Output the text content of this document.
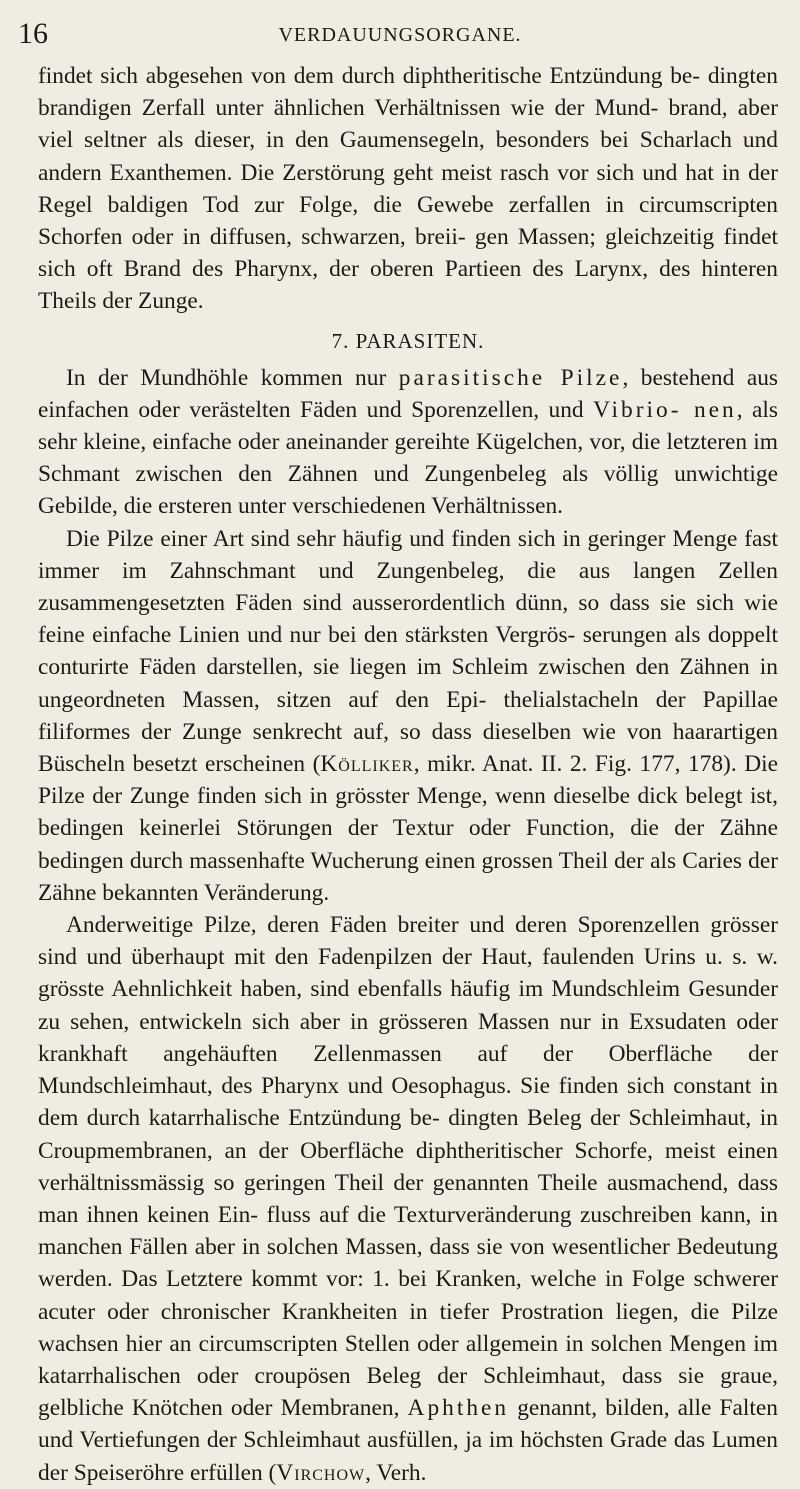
16	VERDAUUNGSORGANE.

findet sich abgesehen von dem durch diphtheritische Entzündung be- dingten brandigen Zerfall unter ähnlichen Verhältnissen wie der Mund- brand, aber viel seltner als dieser, in den Gaumensegeln, besonders bei Scharlach und andern Exanthemen. Die Zerstörung geht meist rasch vor sich und hat in der Regel baldigen Tod zur Folge, die Gewebe zerfallen in circumscripten Schorfen oder in diffusen, schwarzen, breii- gen Massen; gleichzeitig findet sich oft Brand des Pharynx, der oberen Partieen des Larynx, des hinteren Theils der Zunge.

7. PARASITEN.

In der Mundhöhle kommen nur parasitische Pilze, bestehend aus einfachen oder verästelten Fäden und Sporenzellen, und Vibrio- nen, als sehr kleine, einfache oder aneinander gereihte Kügelchen, vor, die letzteren im Schmant zwischen den Zähnen und Zungenbeleg als völlig unwichtige Gebilde, die ersteren unter verschiedenen Verhältnissen.

Die Pilze einer Art sind sehr häufig und finden sich in geringer Menge fast immer im Zahnschmant und Zungenbeleg, die aus langen Zellen zusammengesetzten Fäden sind ausserordentlich dünn, so dass sie sich wie feine einfache Linien und nur bei den stärksten Vergrös- serungen als doppelt conturirte Fäden darstellen, sie liegen im Schleim zwischen den Zähnen in ungeordneten Massen, sitzen auf den Epi- thelialstacheln der Papillae filiformes der Zunge senkrecht auf, so dass dieselben wie von haarartigen Büscheln besetzt erscheinen (Kölliker, mikr. Anat. II. 2. Fig. 177, 178). Die Pilze der Zunge finden sich in grösster Menge, wenn dieselbe dick belegt ist, bedingen keinerlei Störungen der Textur oder Function, die der Zähne bedingen durch massenhafte Wucherung einen grossen Theil der als Caries der Zähne bekannten Veränderung.

Anderweitige Pilze, deren Fäden breiter und deren Sporenzellen grösser sind und überhaupt mit den Fadenpilzen der Haut, faulenden Urins u. s. w. grösste Aehnlichkeit haben, sind ebenfalls häufig im Mundschleim Gesunder zu sehen, entwickeln sich aber in grösseren Massen nur in Exsudaten oder krankhaft angehäuften Zellenmassen auf der Oberfläche der Mundschleimhaut, des Pharynx und Oesophagus. Sie finden sich constant in dem durch katarrhalische Entzündung be- dingten Beleg der Schleimhaut, in Croupmembranen, an der Oberfläche diphtheritischer Schorfe, meist einen verhältnissmässig so geringen Theil der genannten Theile ausmachend, dass man ihnen keinen Ein- fluss auf die Texturveränderung zuschreiben kann, in manchen Fällen aber in solchen Massen, dass sie von wesentlicher Bedeutung werden. Das Letztere kommt vor: 1. bei Kranken, welche in Folge schwerer acuter oder chronischer Krankheiten in tiefer Prostration liegen, die Pilze wachsen hier an circumscripten Stellen oder allgemein in solchen Mengen im katarrhalischen oder croupösen Beleg der Schleimhaut, dass sie graue, gelbliche Knötchen oder Membranen, Aphthen genannt, bilden, alle Falten und Vertiefungen der Schleimhaut ausfüllen, ja im höchsten Grade das Lumen der Speiseröhre erfüllen (Virchow, Verh.
